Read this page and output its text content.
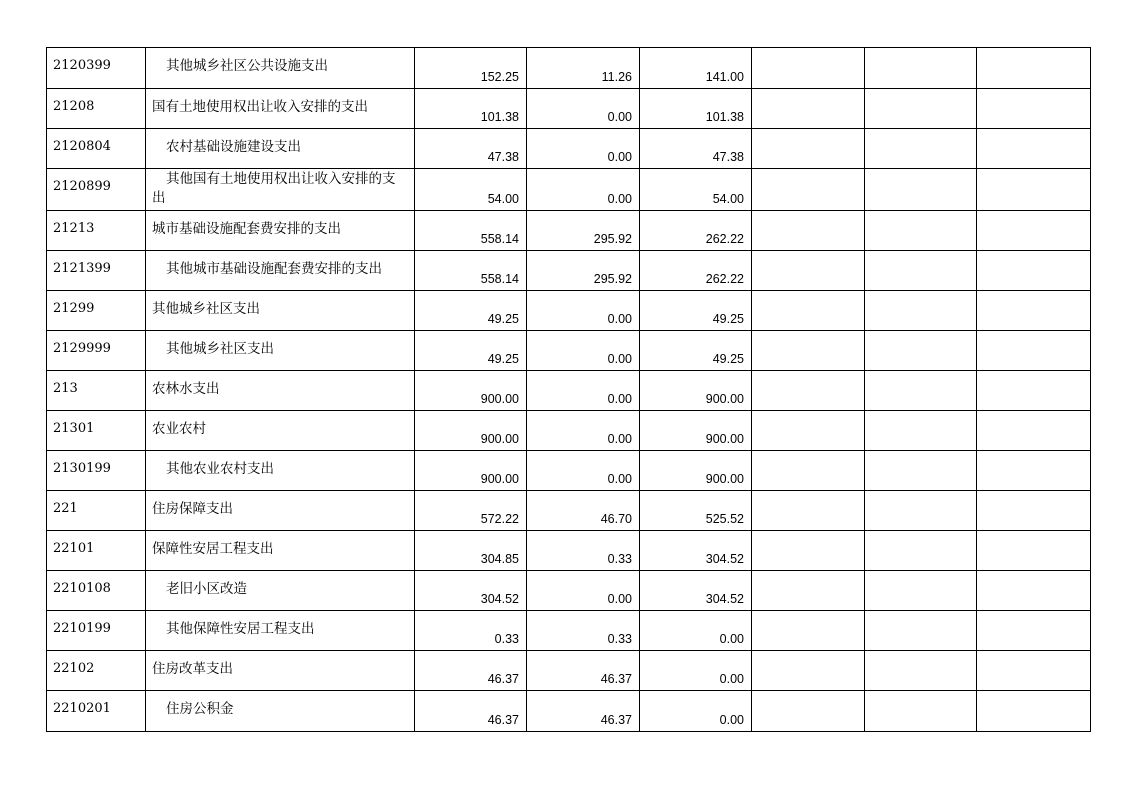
2120399	其他城乡社区公共设施支出	152.25	11.26	141.00			

21208	国有土地使用权出让收入安排的支出	101.38	0.00	101.38			

2120804	农村基础设施建设支出	47.38	0.00	47.38			

2120899	其他国有土地使用权出让收入安排的支出	54.00	0.00	54.00			

21213	城市基础设施配套费安排的支出	558.14	295.92	262.22			

2121399	其他城市基础设施配套费安排的支出	558.14	295.92	262.22			

21299	其他城乡社区支出	49.25	0.00	49.25			

2129999	其他城乡社区支出	49.25	0.00	49.25			

213	农林水支出	900.00	0.00	900.00			

21301	农业农村	900.00	0.00	900.00			

2130199	其他农业农村支出	900.00	0.00	900.00			

221	住房保障支出	572.22	46.70	525.52			

22101	保障性安居工程支出	304.85	0.33	304.52			

2210108	老旧小区改造	304.52	0.00	304.52			

2210199	其他保障性安居工程支出	0.33	0.33	0.00			

22102	住房改革支出	46.37	46.37	0.00			

2210201	住房公积金	46.37	46.37	0.00			
